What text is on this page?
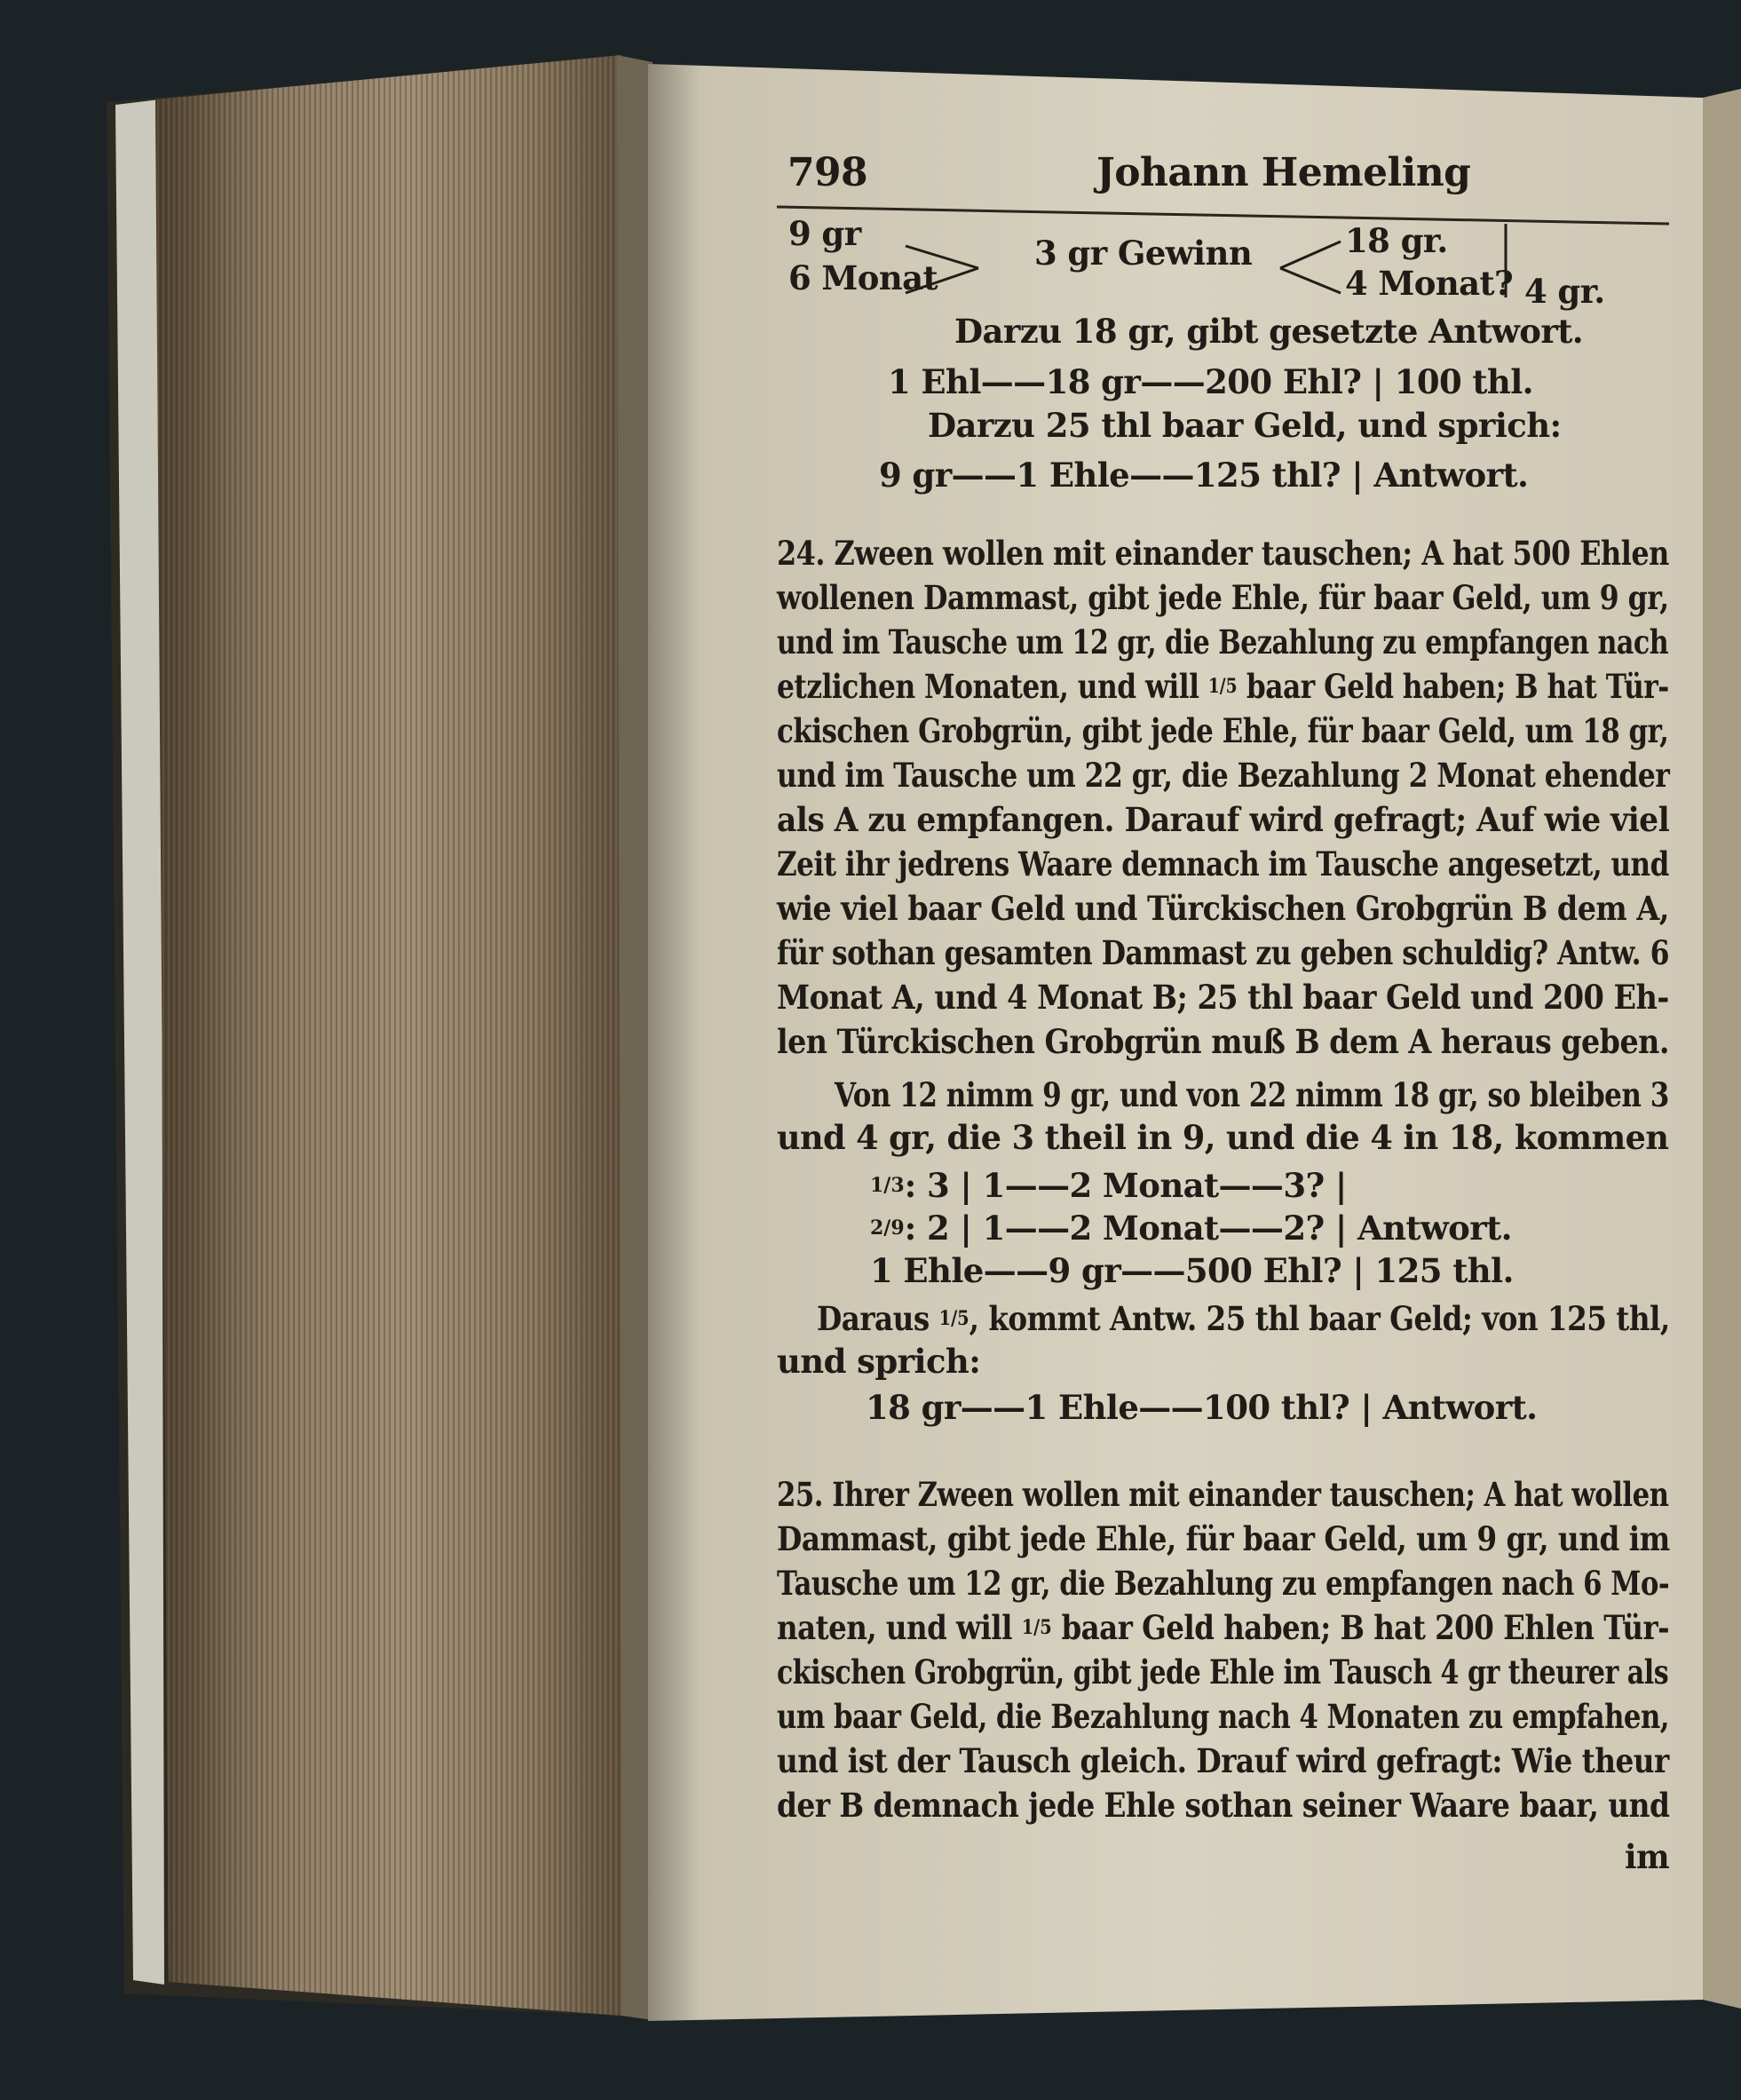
798	Johann Hemeling
9 gr
6 Monat
3 gr Gewinn	18 gr.
4 Monat? 4 gr.
Darzu 18 gr, gibt gesetzte Antwort.
1 Ehl——18 gr——200 Ehl? | 100 thl.
Darzu 25 thl baar Geld, und sprich:
9 gr——1 Ehle——125 thl? | Antwort.
24. Zween wollen mit einander tauschen; A hat 500 Ehlen
wollenen Dammast, gibt jede Ehle, für baar Geld, um 9 gr,
und im Tausche um 12 gr, die Bezahlung zu empfangen nach
etzlichen Monaten, und will 1/5 baar Geld haben; B hat Tür-
ckischen Grobgrün, gibt jede Ehle, für baar Geld, um 18 gr,
und im Tausche um 22 gr, die Bezahlung 2 Monat ehender
als A zu empfangen. Darauf wird gefragt; Auf wie viel
Zeit ihr jedrens Waare demnach im Tausche angesetzt, und
wie viel baar Geld und Türckischen Grobgrün B dem A,
für sothan gesamten Dammast zu geben schuldig? Antw. 6
Monat A, und 4 Monat B; 25 thl baar Geld und 200 Eh-
len Türckischen Grobgrün muß B dem A heraus geben.
Von 12 nimm 9 gr, und von 22 nimm 18 gr, so bleiben 3
und 4 gr, die 3 theil in 9, und die 4 in 18, kommen
1/3: 3 | 1——2 Monat——3? |
2/9: 2 | 1——2 Monat——2? | Antwort.
1 Ehle——9 gr——500 Ehl? | 125 thl.
Daraus 1/5, kommt Antw. 25 thl baar Geld; von 125 thl,
und sprich:
18 gr——1 Ehle——100 thl? | Antwort.
25. Ihrer Zween wollen mit einander tauschen; A hat wollen
Dammast, gibt jede Ehle, für baar Geld, um 9 gr, und im
Tausche um 12 gr, die Bezahlung zu empfangen nach 6 Mo-
naten, und will 1/5 baar Geld haben; B hat 200 Ehlen Tür-
ckischen Grobgrün, gibt jede Ehle im Tausch 4 gr theurer als
um baar Geld, die Bezahlung nach 4 Monaten zu empfahen,
und ist der Tausch gleich. Drauf wird gefragt: Wie theur
der B demnach jede Ehle sothan seiner Waare baar, und
im
